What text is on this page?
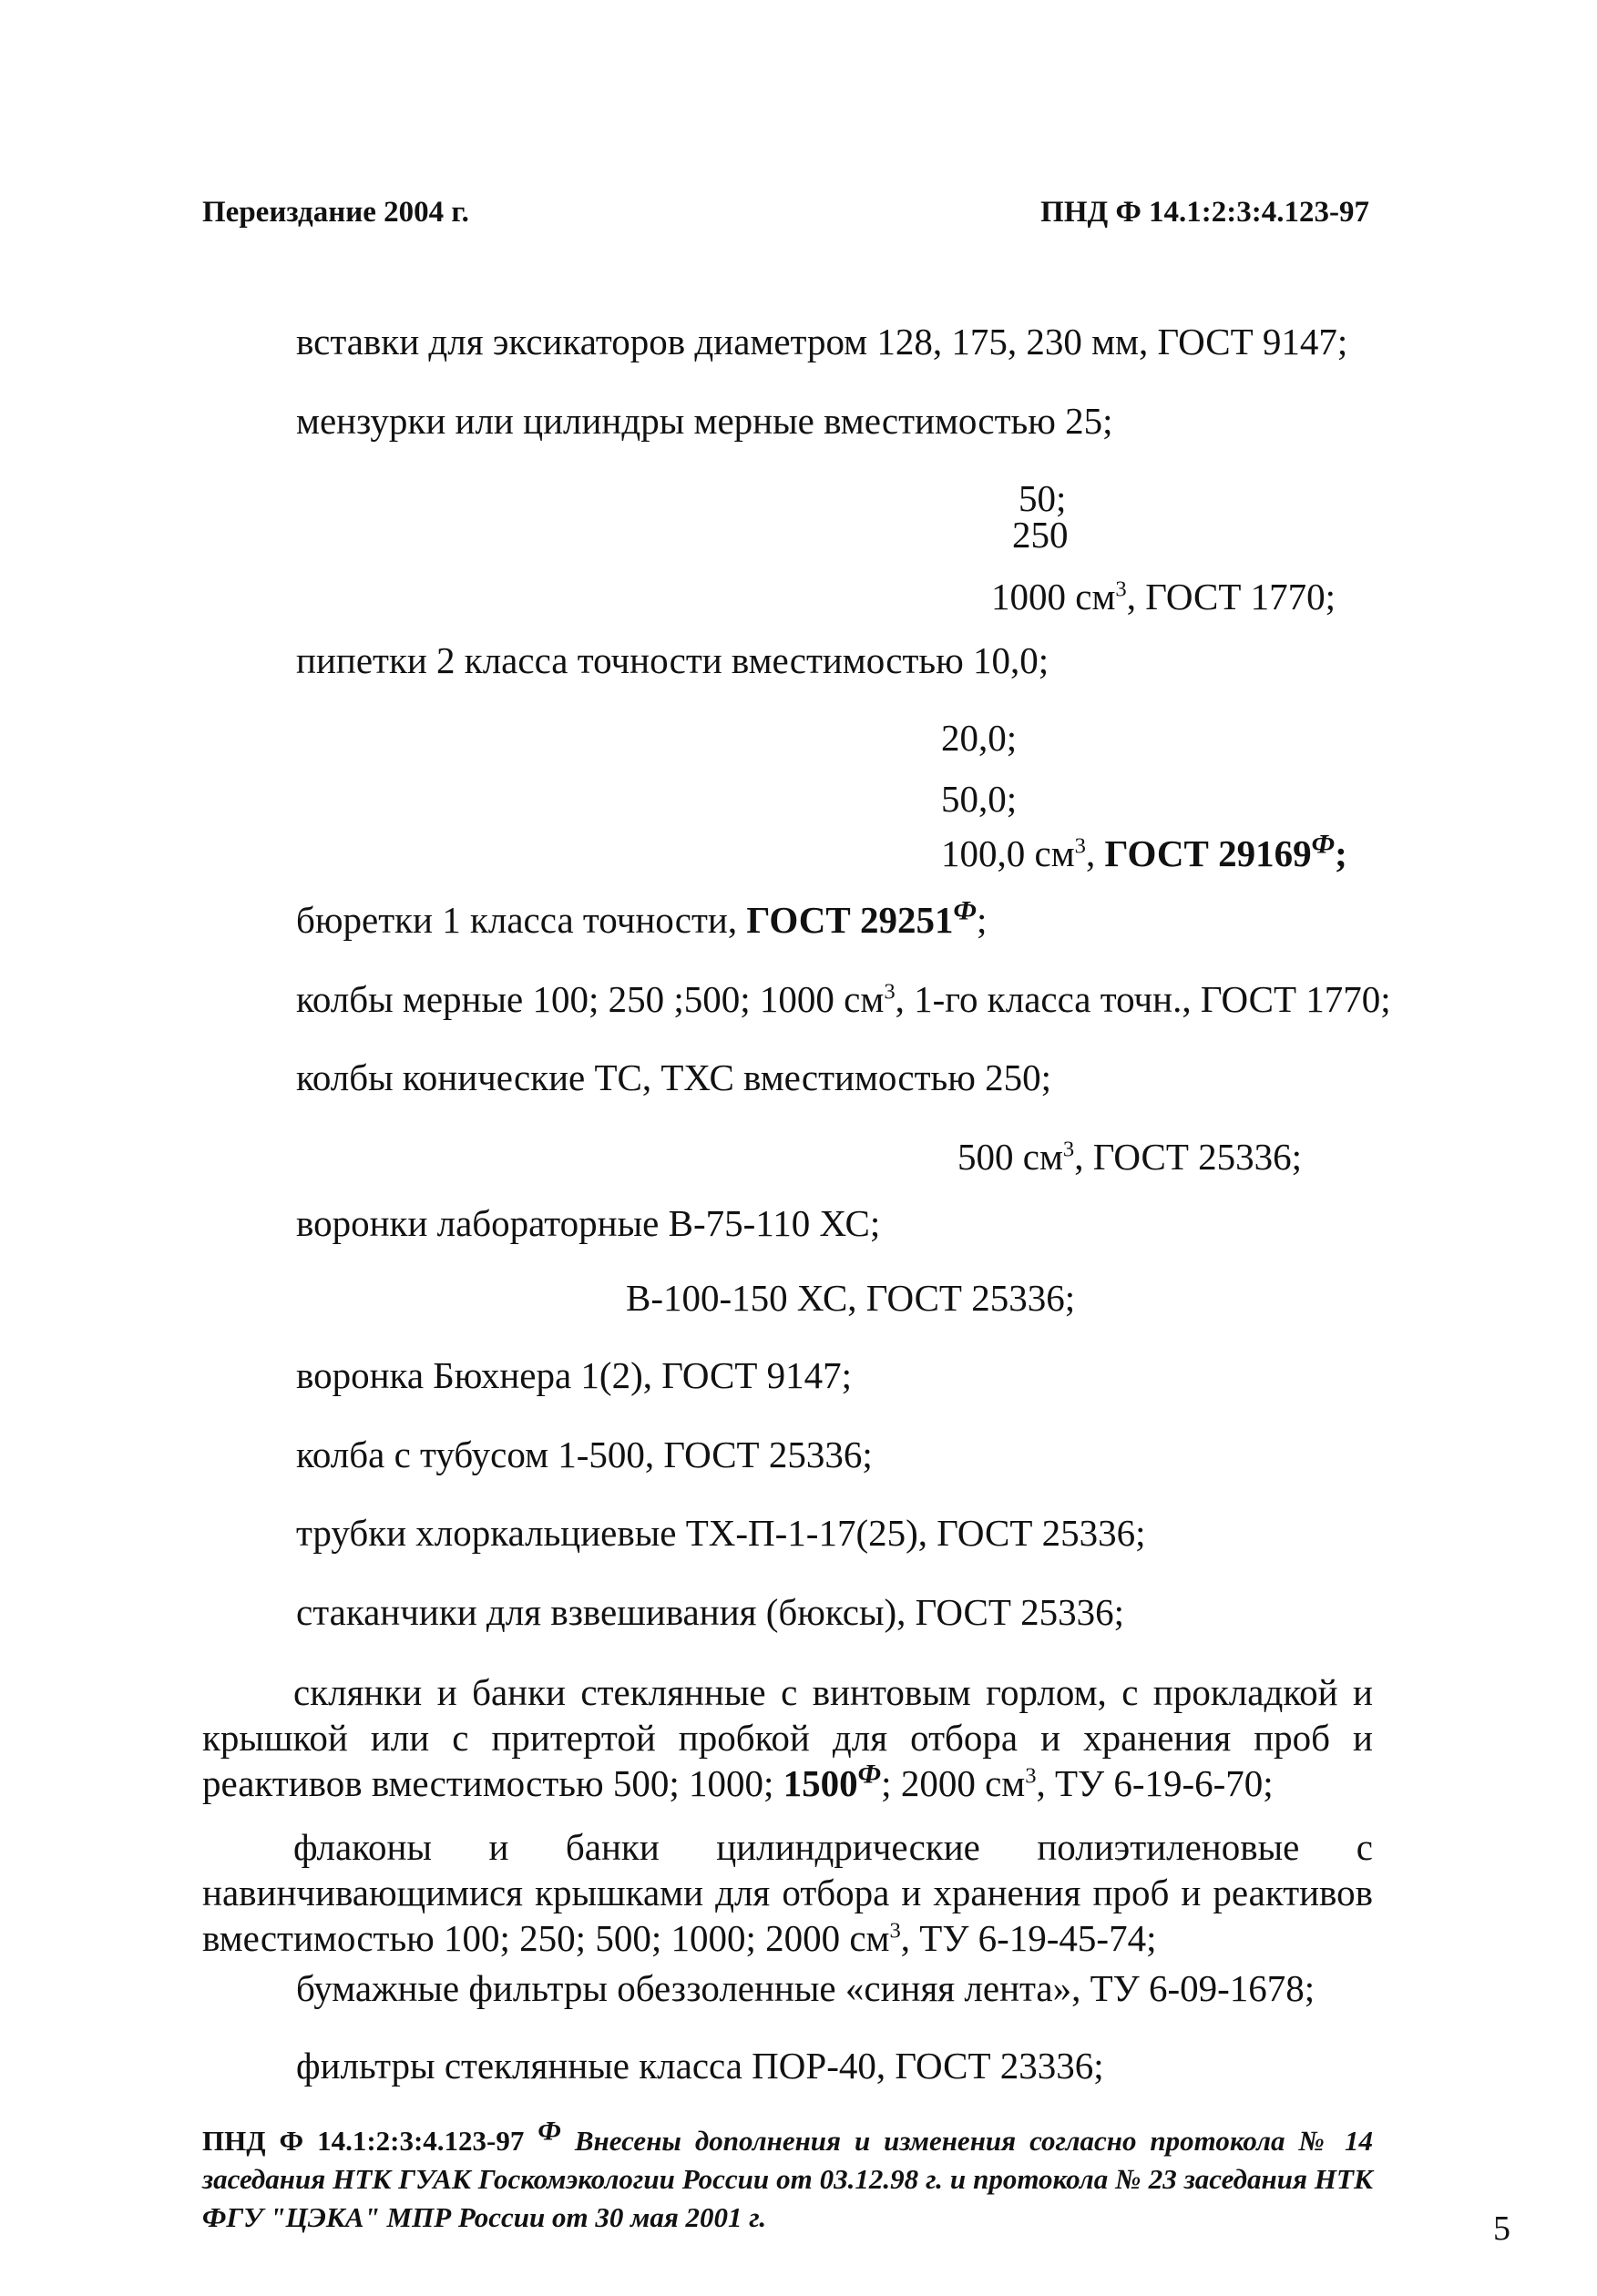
Переиздание 2004 г.	ПНД Ф 14.1:2:3:4.123-97
вставки для эксикаторов диаметром 128, 175, 230 мм, ГОСТ 9147;
мензурки или цилиндры мерные вместимостью 25;
50;
250
1000 $см^3$, ГОСТ 1770;
пипетки 2 класса точности вместимостью 10,0;
20,0;
50,0;
100,0 $см^3$, ГОСТ $29169^Ф$;
бюретки 1 класса точности, ГОСТ $29251^Ф$;
колбы мерные 100; 250 ;500; 1000 $см^3$, 1-го класса точн., ГОСТ 1770;
колбы конические ТС, ТХС вместимостью 250;
500 $см^3$, ГОСТ 25336;
воронки лабораторные В-75-110 ХС;
В-100-150 ХС, ГОСТ 25336;
воронка Бюхнера 1(2), ГОСТ 9147;
колба с тубусом 1-500, ГОСТ 25336;
трубки хлоркальциевые ТХ-П-1-17(25), ГОСТ 25336;
стаканчики для взвешивания (бюксы), ГОСТ 25336;
склянки и банки стеклянные с винтовым горлом, с прокладкой и крышкой или с притертой пробкой для отбора и хранения проб и реактивов вместимостью 500; 1000; $1500^Ф$; 2000 $см^3$, ТУ 6-19-6-70;
флаконы и банки цилиндрические полиэтиленовые с навинчивающимися крышками для отбора и хранения проб и реактивов вместимостью 100; 250; 500; 1000; 2000 $см^3$, ТУ 6-19-45-74;
бумажные фильтры обеззоленные «синяя лента», ТУ 6-09-1678;
фильтры стеклянные класса ПОР-40, ГОСТ 23336;
ПНД Ф 14.1:2:3:4.123-97 Ф Внесены дополнения и изменения согласно протокола № 14 заседания НТК ГУАК Госкомэкологии России от 03.12.98 г. и протокола № 23 заседания НТК ФГУ "ЦЭКА" МПР России от 30 мая 2001 г.	5
